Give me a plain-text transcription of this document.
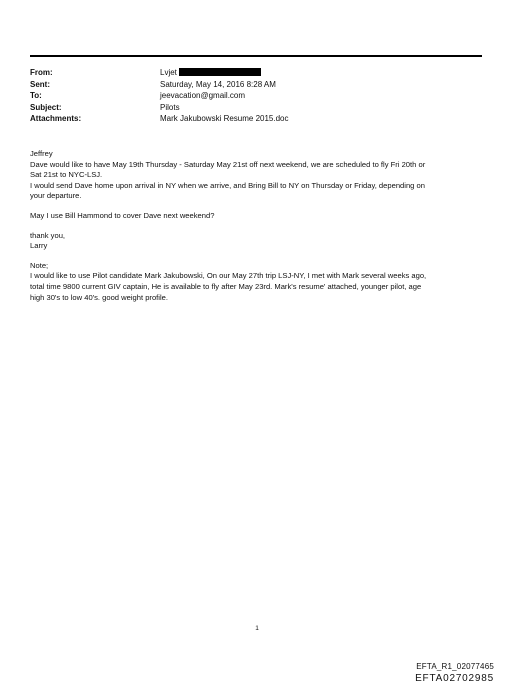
From:	Lvjet
Sent:	Saturday, May 14, 2016 8:28 AM
To:	jeevacation@gmail.com
Subject:	Pilots
Attachments:	Mark Jakubowski Resume 2015.doc

Jeffrey
Dave would like to have May 19th Thursday - Saturday May 21st off next weekend, we are scheduled to fly Fri 20th or
Sat 21st to NYC-LSJ.
I would send Dave home upon arrival in NY when we arrive, and Bring Bill to NY on Thursday or Friday, depending on
your departure.

May I use Bill Hammond to cover Dave next weekend?

thank you,
Larry

Note;
I would like to use Pilot candidate Mark Jakubowski, On our May 27th trip LSJ-NY, I met with Mark several weeks ago,
total time 9800 current GIV captain, He is available to fly after May 23rd. Mark's resume' attached, younger pilot, age
high 30's to low 40's. good weight profile.

1
EFTA_R1_02077465
EFTA02702985
